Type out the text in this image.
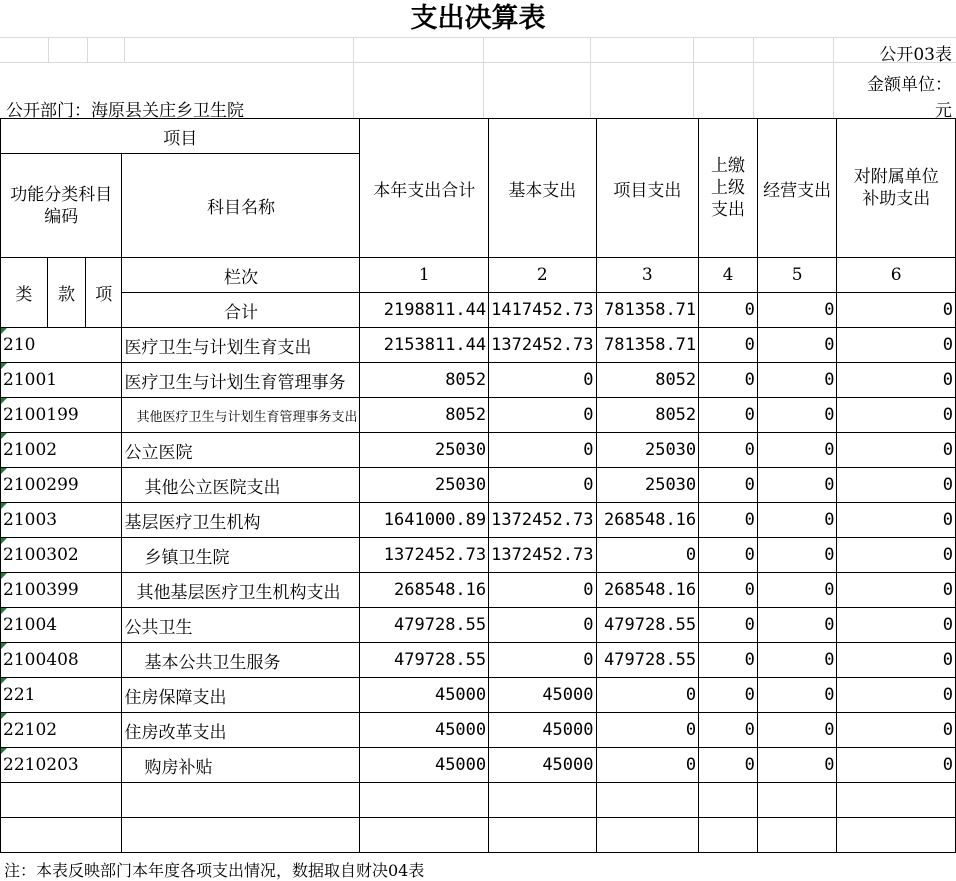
支出决算表
公开03表
金额单位：
元
公开部门：海原县关庄乡卫生院
项目				本年支出合计	基本支出	项目支出	上缴上级支出	经营支出	对附属单位补助支出
功能分类科目编码			科目名称						

类	款	项	栏次	1	2	3	4	5	6
			合计	2198811.44	1417452.73	781358.71	0	0	0
210			医疗卫生与计划生育支出	2153811.44	1372452.73	781358.71	0	0	0
21001			医疗卫生与计划生育管理事务	8052	0	8052	0	0	0
2100199			其他医疗卫生与计划生育管理事务支出	8052	0	8052	0	0	0
21002			公立医院	25030	0	25030	0	0	0
2100299			其他公立医院支出	25030	0	25030	0	0	0
21003			基层医疗卫生机构	1641000.89	1372452.73	268548.16	0	0	0
2100302			乡镇卫生院	1372452.73	1372452.73	0	0	0	0
2100399			其他基层医疗卫生机构支出	268548.16	0	268548.16	0	0	0
21004			公共卫生	479728.55	0	479728.55	0	0	0
2100408			基本公共卫生服务	479728.55	0	479728.55	0	0	0
221			住房保障支出	45000	45000	0	0	0	0
22102			住房改革支出	45000	45000	0	0	0	0
2210203			购房补贴	45000	45000	0	0	0	0

注：本表反映部门本年度各项支出情况，数据取自财决04表
